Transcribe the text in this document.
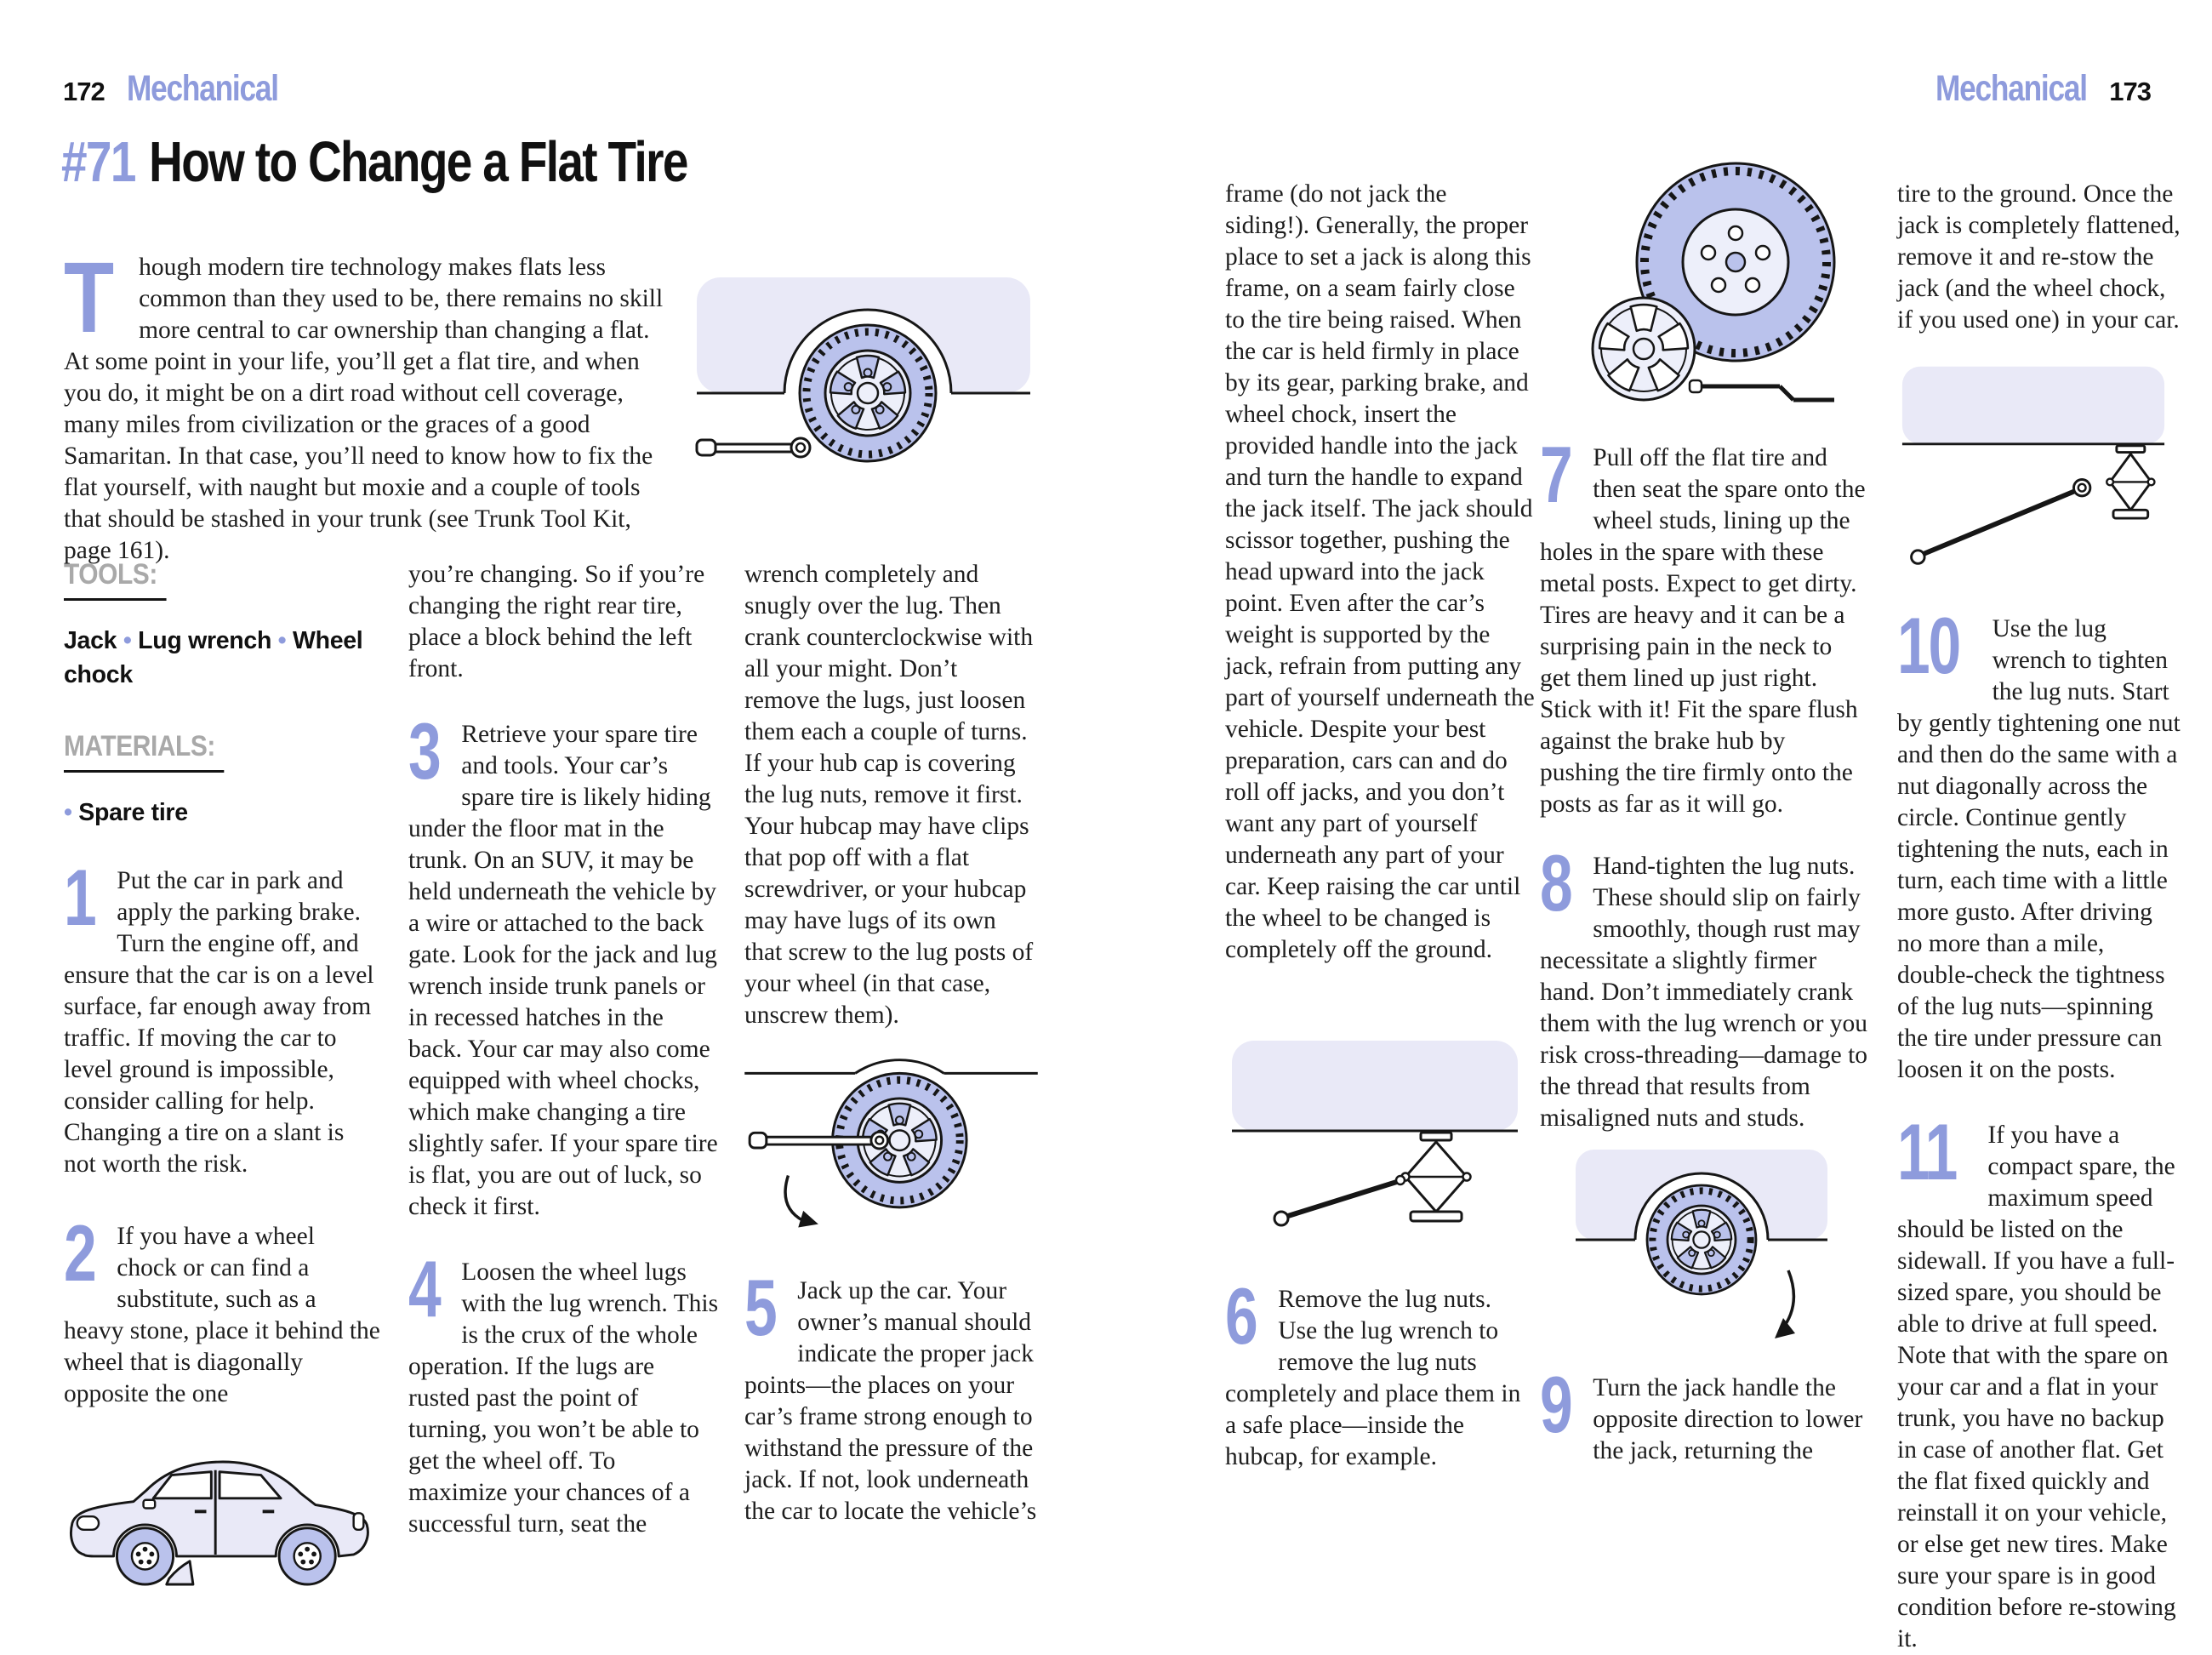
172 Mechanical
#71 How to Change a Flat Tire
Though modern tire technology makes flats less common than they used to be, there remains no skill more central to car ownership than changing a flat. At some point in your life, you’ll get a flat tire, and when you do, it might be on a dirt road without cell coverage, many miles from civilization or the graces of a good Samaritan. In that case, you’ll need to know how to fix the flat yourself, with naught but moxie and a couple of tools that should be stashed in your trunk (see Trunk Tool Kit, page 161).
TOOLS:
Jack • Lug wrench • Wheel chock
MATERIALS:
• Spare tire
1 Put the car in park and apply the parking brake. Turn the engine off, and ensure that the car is on a level surface, far enough away from traffic. If moving the car to level ground is impossible, consider calling for help. Changing a tire on a slant is not worth the risk.
2 If you have a wheel chock or can find a substitute, such as a heavy stone, place it behind the wheel that is diagonally opposite the one

you’re changing. So if you’re changing the right rear tire, place a block behind the left front.

3 Retrieve your spare tire and tools. Your car’s spare tire is likely hiding under the floor mat in the trunk. On an SUV, it may be held underneath the vehicle by a wire or attached to the back gate. Look for the jack and lug wrench inside trunk panels or in recessed hatches in the back. Your car may also come equipped with wheel chocks, which make changing a tire slightly safer. If your spare tire is flat, you are out of luck, so check it first.
4 Loosen the wheel lugs with the lug wrench. This is the crux of the whole operation. If the lugs are rusted past the point of turning, you won’t be able to get the wheel off. To maximize your chances of a successful turn, seat the

wrench completely and snugly over the lug. Then crank counterclockwise with all your might. Don’t remove the lugs, just loosen them each a couple of turns. If your hub cap is covering the lug nuts, remove it first. Your hubcap may have clips that pop off with a flat screwdriver, or your hubcap may have lugs of its own that screw to the lug posts of your wheel (in that case, unscrew them).

5 Jack up the car. Your owner’s manual should indicate the proper jack points—the places on your car’s frame strong enough to withstand the pressure of the jack. If not, look underneath the car to locate the vehicle’s
Mechanical 173

frame (do not jack the siding!). Generally, the proper place to set a jack is along this frame, on a seam fairly close to the tire being raised. When the car is held firmly in place by its gear, parking brake, and wheel chock, insert the provided handle into the jack and turn the handle to expand the jack itself. The jack should scissor together, pushing the head upward into the jack point. Even after the car’s weight is supported by the jack, refrain from putting any part of yourself underneath the vehicle. Despite your best preparation, cars can and do roll off jacks, and you don’t want any part of yourself underneath any part of your car. Keep raising the car until the wheel to be changed is completely off the ground.

6 Remove the lug nuts. Use the lug wrench to remove the lug nuts completely and place them in a safe place—inside the hubcap, for example.
7 Pull off the flat tire and then seat the spare onto the wheel studs, lining up the holes in the spare with these metal posts. Expect to get dirty. Tires are heavy and it can be a surprising pain in the neck to get them lined up just right. Stick with it! Fit the spare flush against the brake hub by pushing the tire firmly onto the posts as far as it will go.
8 Hand-tighten the lug nuts. These should slip on fairly smoothly, though rust may necessitate a slightly firmer hand. Don’t immediately crank them with the lug wrench or you risk cross-threading—damage to the thread that results from misaligned nuts and studs.
9 Turn the jack handle the opposite direction to lower the jack, returning the

tire to the ground. Once the jack is completely flattened, remove it and re-stow the jack (and the wheel chock, if you used one) in your car.

10 Use the lug wrench to tighten the lug nuts. Start by gently tightening one nut and then do the same with a nut diagonally across the circle. Continue gently tightening the nuts, each in turn, each time with a little more gusto. After driving no more than a mile, double-check the tightness of the lug nuts—spinning the tire under pressure can loosen it on the posts.
11 If you have a compact spare, the maximum speed should be listed on the sidewall. If you have a full-sized spare, you should be able to drive at full speed. Note that with the spare on your car and a flat in your trunk, you have no backup in case of another flat. Get the flat fixed quickly and reinstall it on your vehicle, or else get new tires. Make sure your spare is in good condition before re-stowing it.
